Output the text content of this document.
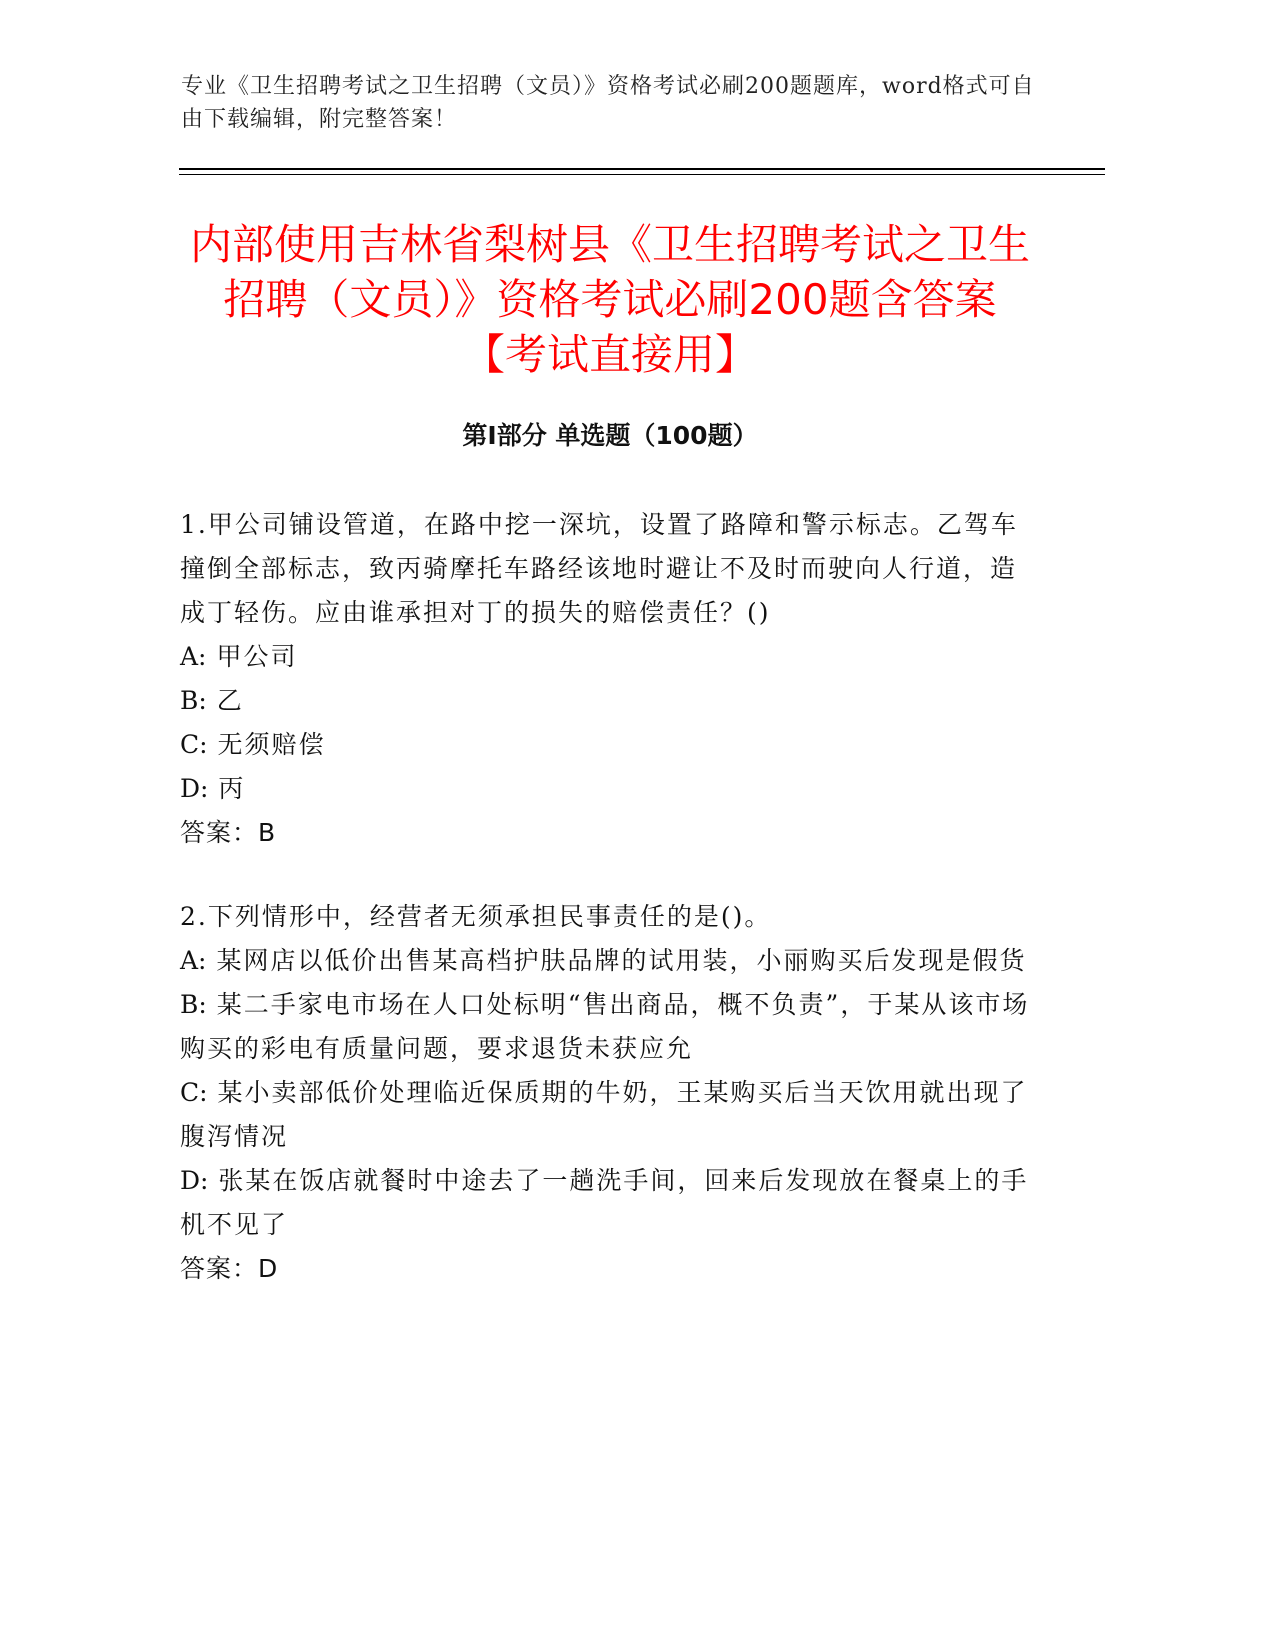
专业《卫生招聘考试之卫生招聘（文员）》资格考试必刷200题题库，word格式可自由下载编辑，附完整答案！
内部使用吉林省梨树县《卫生招聘考试之卫生招聘（文员）》资格考试必刷200题含答案【考试直接用】
第Ⅰ部分 单选题（100题）

1.甲公司铺设管道，在路中挖一深坑，设置了路障和警示标志。乙驾车撞倒全部标志，致丙骑摩托车路经该地时避让不及时而驶向人行道，造成丁轻伤。应由谁承担对丁的损失的赔偿责任？()

A: 甲公司

B: 乙

C: 无须赔偿

D: 丙

答案：B

2.下列情形中，经营者无须承担民事责任的是()。

A: 某网店以低价出售某高档护肤品牌的试用装，小丽购买后发现是假货

B: 某二手家电市场在人口处标明“售出商品，概不负责”，于某从该市场购买的彩电有质量问题，要求退货未获应允

C: 某小卖部低价处理临近保质期的牛奶，王某购买后当天饮用就出现了腹泻情况

D: 张某在饭店就餐时中途去了一趟洗手间，回来后发现放在餐桌上的手机不见了

答案：D
